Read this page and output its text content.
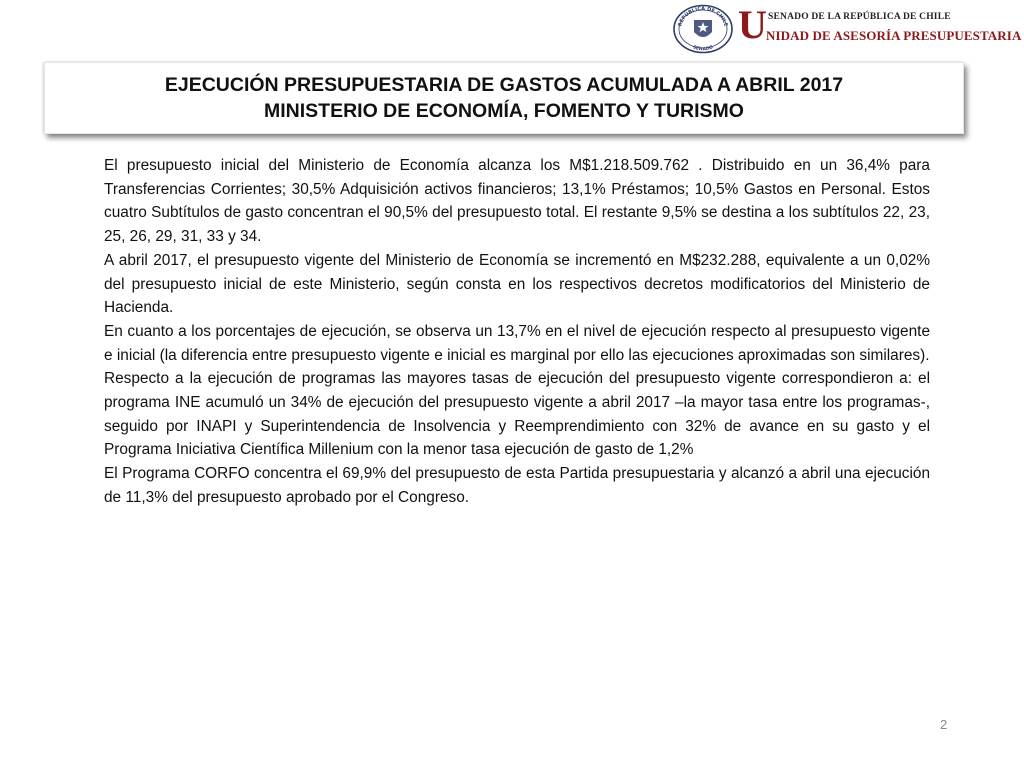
REPÚBLICA DE CHILE
SENADO
U SENADO DE LA REPÚBLICA DE CHILE
NIDAD DE ASESORÍA PRESUPUESTARIA
EJECUCIÓN PRESUPUESTARIA DE GASTOS ACUMULADA A ABRIL 2017
MINISTERIO DE ECONOMÍA, FOMENTO Y TURISMO

El presupuesto inicial del Ministerio de Economía alcanza los M$1.218.509.762 . Distribuido en un 36,4% para Transferencias Corrientes; 30,5% Adquisición activos financieros; 13,1% Préstamos; 10,5% Gastos en Personal. Estos cuatro Subtítulos de gasto concentran el 90,5% del presupuesto total. El restante 9,5% se destina a los subtítulos 22, 23, 25, 26, 29, 31, 33 y 34.

A abril 2017, el presupuesto vigente del Ministerio de Economía se incrementó en M$232.288, equivalente a un 0,02% del presupuesto inicial de este Ministerio, según consta en los respectivos decretos modificatorios del Ministerio de Hacienda.

En cuanto a los porcentajes de ejecución, se observa un 13,7% en el nivel de ejecución respecto al presupuesto vigente e inicial (la diferencia entre presupuesto vigente e inicial es marginal por ello las ejecuciones aproximadas son similares).

Respecto a la ejecución de programas las mayores tasas de ejecución del presupuesto vigente correspondieron a: el programa INE acumuló un 34% de ejecución del presupuesto vigente a abril 2017 –la mayor tasa entre los programas-, seguido por INAPI y Superintendencia de Insolvencia y Reemprendimiento con 32% de avance en su gasto y el Programa Iniciativa Científica Millenium con la menor tasa ejecución de gasto de 1,2%

El Programa CORFO concentra el 69,9% del presupuesto de esta Partida presupuestaria y alcanzó a abril una ejecución de 11,3% del presupuesto aprobado por el Congreso.

2
